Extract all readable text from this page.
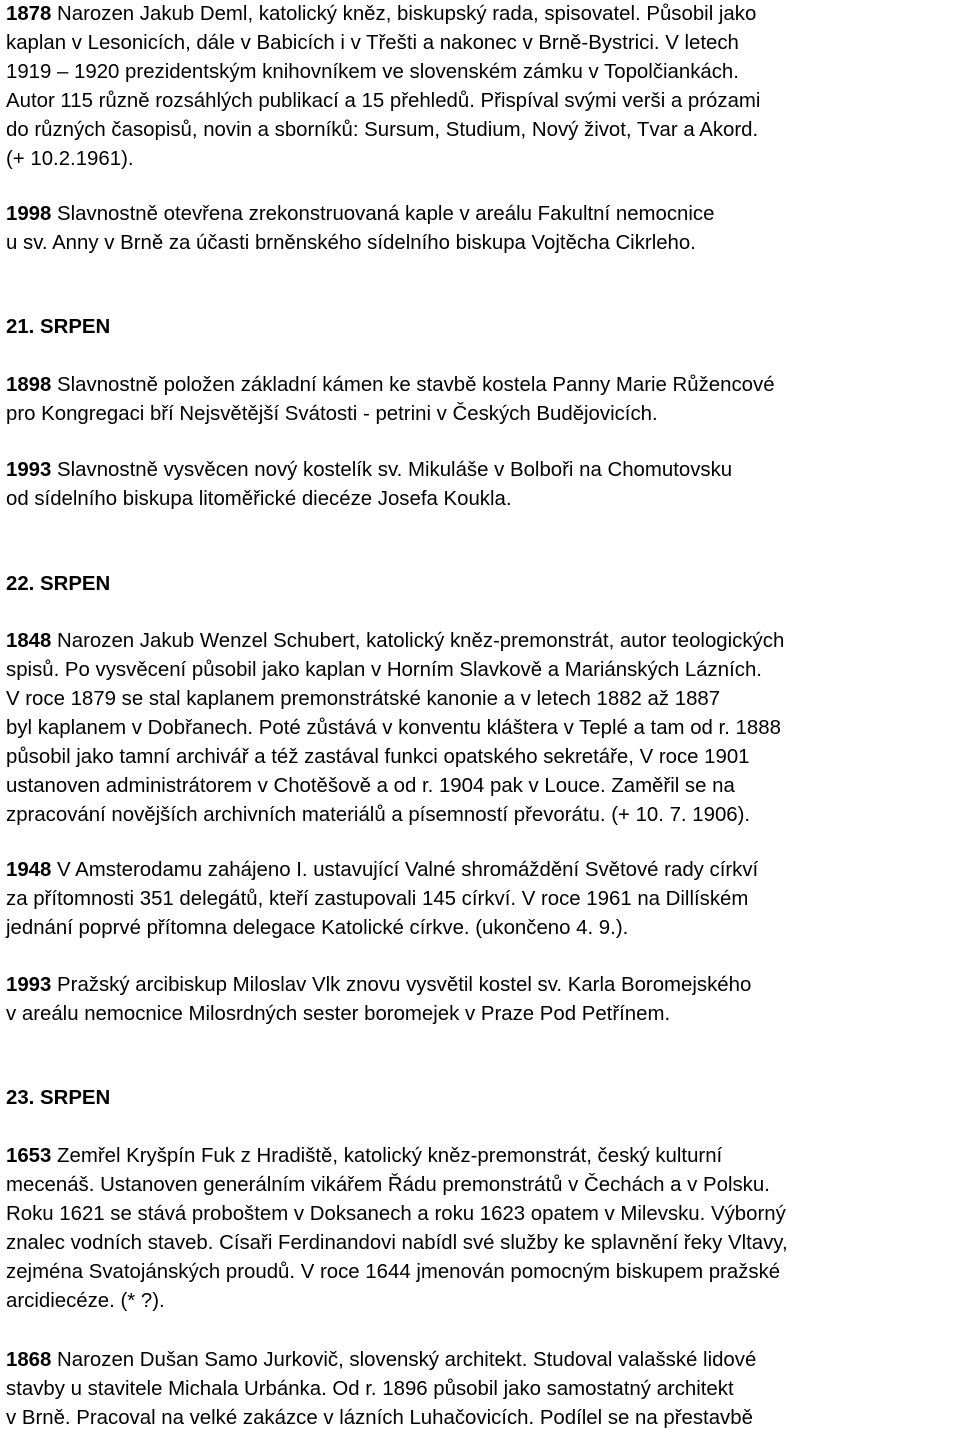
1878 Narozen Jakub Deml, katolický kněz, biskupský rada, spisovatel. Působil jako
kaplan v Lesonicích, dále v Babicích i v Třešti a nakonec v Brně-Bystrici. V letech
1919 – 1920 prezidentským knihovníkem ve slovenském zámku v Topolčiankách.
Autor 115 různě rozsáhlých publikací a 15 přehledů. Přispíval svými verši a prózami
do různých časopisů, novin a sborníků: Sursum, Studium, Nový život, Tvar a Akord.
(+ 10.2.1961).
1998 Slavnostně otevřena zrekonstruovaná kaple v areálu Fakultní nemocnice
u sv. Anny v Brně za účasti brněnského sídelního biskupa Vojtěcha Cikrleho.
21. SRPEN
1898 Slavnostně položen základní kámen ke stavbě kostela Panny Marie Růžencové
pro Kongregaci bří Nejsvětější Svátosti - petrini v Českých Budějovicích.
1993 Slavnostně vysvěcen nový kostelík sv. Mikuláše v Bolboři na Chomutovsku
od sídelního biskupa litoměřické diecéze Josefa Koukla.
22. SRPEN
1848 Narozen Jakub Wenzel Schubert, katolický kněz-premonstrát, autor teologických
spisů. Po vysvěcení působil jako kaplan v Horním Slavkově a Mariánských Lázních.
V roce 1879 se stal kaplanem premonstrátské kanonie a v letech 1882 až 1887
byl kaplanem v Dobřanech. Poté zůstává v konventu kláštera v Teplé a tam od r. 1888
působil jako tamní archivář a též zastával funkci opatského sekretáře, V roce 1901
ustanoven administrátorem v Chotěšově a od r. 1904 pak v Louce. Zaměřil se na
zpracování novějších archivních materiálů a písemností převorátu. (+ 10. 7. 1906).
1948 V Amsterodamu zahájeno I. ustavující Valné shromáždění Světové rady církví
za přítomnosti 351 delegátů, kteří zastupovali 145 církví. V roce 1961 na Dillíském
jednání poprvé přítomna delegace Katolické církve. (ukončeno 4. 9.).
1993 Pražský arcibiskup Miloslav Vlk znovu vysvětil kostel sv. Karla Boromejského
v areálu nemocnice Milosrdných sester boromejek v Praze Pod Petřínem.
23. SRPEN
1653 Zemřel Kryšpín Fuk z Hradiště, katolický kněz-premonstrát, český kulturní
mecenáš. Ustanoven generálním vikářem Řádu premonstrátů v Čechách a v Polsku.
Roku 1621 se stává proboštem v Doksanech a roku 1623 opatem v Milevsku. Výborný
znalec vodních staveb. Císaři Ferdinandovi nabídl své služby ke splavnění řeky Vltavy,
zejména Svatojánských proudů. V roce 1644 jmenován pomocným biskupem pražské
arcidiecéze. (* ?).
1868 Narozen Dušan Samo Jurkovič, slovenský architekt. Studoval valašské lidové
stavby u stavitele Michala Urbánka. Od r. 1896 působil jako samostatný architekt
v Brně. Pracoval na velké zakázce v lázních Luhačovicích. Podílel se na přestavbě
